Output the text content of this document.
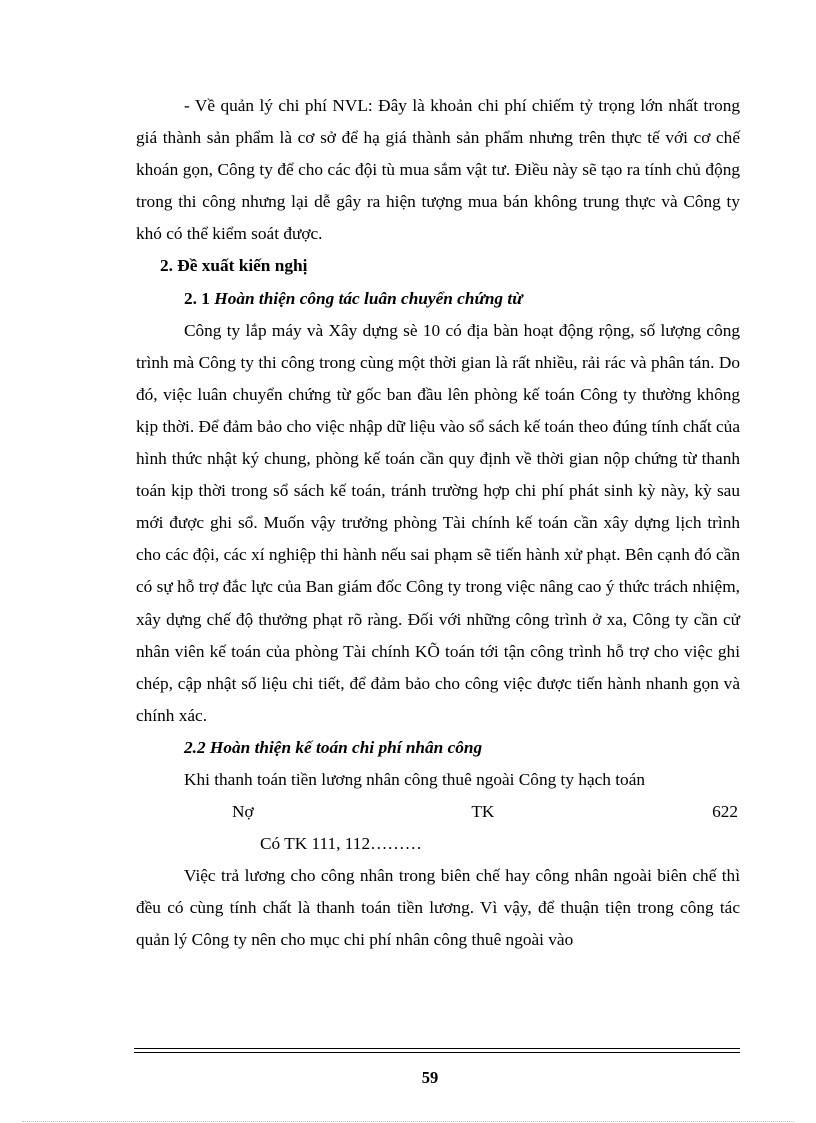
- Về quản lý chi phí NVL: Đây là khoản chi phí chiếm tỷ trọng lớn nhất trong giá thành sản phẩm là cơ sở để hạ giá thành sản phẩm nhưng trên thực tế với cơ chế khoán gọn, Công ty để cho các đội tù mua sắm vật tư. Điều này sẽ tạo ra tính chủ động trong thi công nhưng lại dễ gây ra hiện tượng mua bán không trung thực và Công ty khó có thể kiểm soát được.

2. Đề xuất kiến nghị

2. 1 Hoàn thiện công tác luân chuyển chứng từ

Công ty lắp máy và Xây dựng sè 10 có địa bàn hoạt động rộng, số lượng công trình mà Công ty thi công trong cùng một thời gian là rất nhiều, rải rác và phân tán. Do đó, việc luân chuyển chứng từ gốc ban đầu lên phòng kế toán Công ty thường không kịp thời. Để đảm bảo cho việc nhập dữ liệu vào sổ sách kế toán theo đúng tính chất của hình thức nhật ký chung, phòng kế toán cần quy định về thời gian nộp chứng từ thanh toán kịp thời trong sổ sách kế toán, tránh trường hợp chi phí phát sinh kỳ này, kỳ sau mới được ghi sổ. Muốn vậy trưởng phòng Tài chính kế toán cần xây dựng lịch trình cho các đội, các xí nghiệp thi hành nếu sai phạm sẽ tiến hành xử phạt. Bên cạnh đó cần có sự hỗ trợ đắc lực của Ban giám đốc Công ty trong việc nâng cao ý thức trách nhiệm, xây dựng chế độ thưởng phạt rõ ràng. Đối với những công trình ở xa, Công ty cần cử nhân viên kế toán của phòng Tài chính KÕ toán tới tận công trình hỗ trợ cho việc ghi chép, cập nhật số liệu chi tiết, để đảm bảo cho công việc được tiến hành nhanh gọn và chính xác.

2.2 Hoàn thiện kế toán chi phí nhân công

Khi thanh toán tiền lương nhân công thuê ngoài Công ty hạch toán

Nợ	TK	622

Có TK 111, 112………

Việc trả lương cho công nhân trong biên chế hay công nhân ngoài biên chế thì đều có cùng tính chất là thanh toán tiền lương. Vì vậy, để thuận tiện trong công tác quản lý Công ty nên cho mục chi phí nhân công thuê ngoài vào

59
